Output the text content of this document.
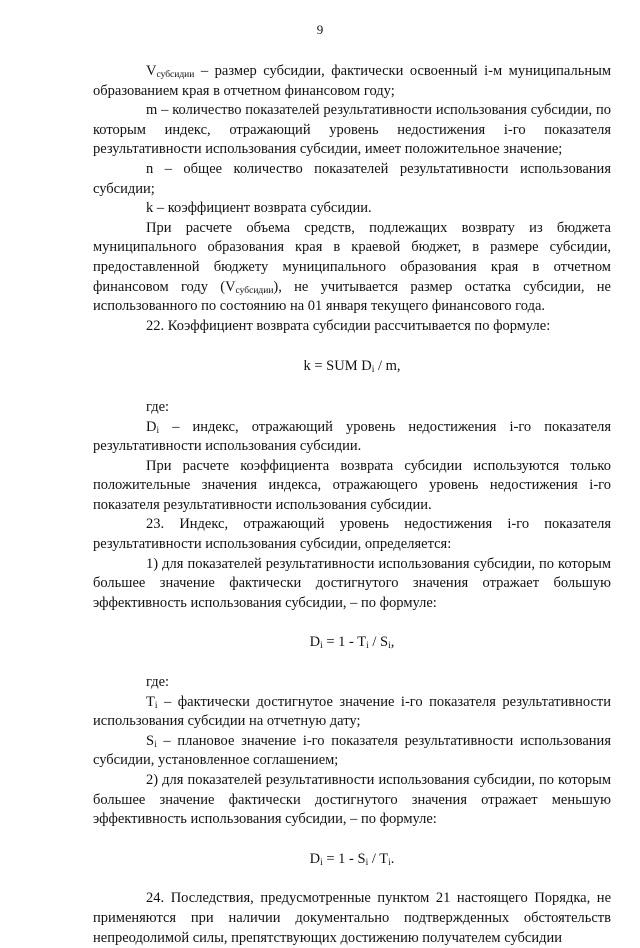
9

$V_{субсидии}$ – размер субсидии, фактически освоенный i-м муниципальным образованием края в отчетном финансовом году;

m – количество показателей результативности использования субсидии, по которым индекс, отражающий уровень недостижения i-го показателя результативности использования субсидии, имеет положительное значение;

n – общее количество показателей результативности использования субсидии;

k – коэффициент возврата субсидии.

При расчете объема средств, подлежащих возврату из бюджета муниципального образования края в краевой бюджет, в размере субсидии, предоставленной бюджету муниципального образования края в отчетном финансовом году $(V_{субсидии})$, не учитывается размер остатка субсидии, не использованного по состоянию на 01 января текущего финансового года.

22. Коэффициент возврата субсидии рассчитывается по формуле:

k = SUM $D_i$ / m,

где:

$D_i$ – индекс, отражающий уровень недостижения i-го показателя результативности использования субсидии.

При расчете коэффициента возврата субсидии используются только положительные значения индекса, отражающего уровень недостижения i-го показателя результативности использования субсидии.

23. Индекс, отражающий уровень недостижения i-го показателя результативности использования субсидии, определяется:

1) для показателей результативности использования субсидии, по которым большее значение фактически достигнутого значения отражает большую эффективность использования субсидии, – по формуле:

$D_i = 1 - T_i / S_i$,

где:

$T_i$ – фактически достигнутое значение i-го показателя результативности использования субсидии на отчетную дату;

$S_i$ – плановое значение i-го показателя результативности использования субсидии, установленное соглашением;

2) для показателей результативности использования субсидии, по которым большее значение фактически достигнутого значения отражает меньшую эффективность использования субсидии, – по формуле:

$D_i = 1 - S_i / T_i$.

24. Последствия, предусмотренные пунктом 21 настоящего Порядка, не применяются при наличии документально подтвержденных обстоятельств непреодолимой силы, препятствующих достижению получателем субсидии
